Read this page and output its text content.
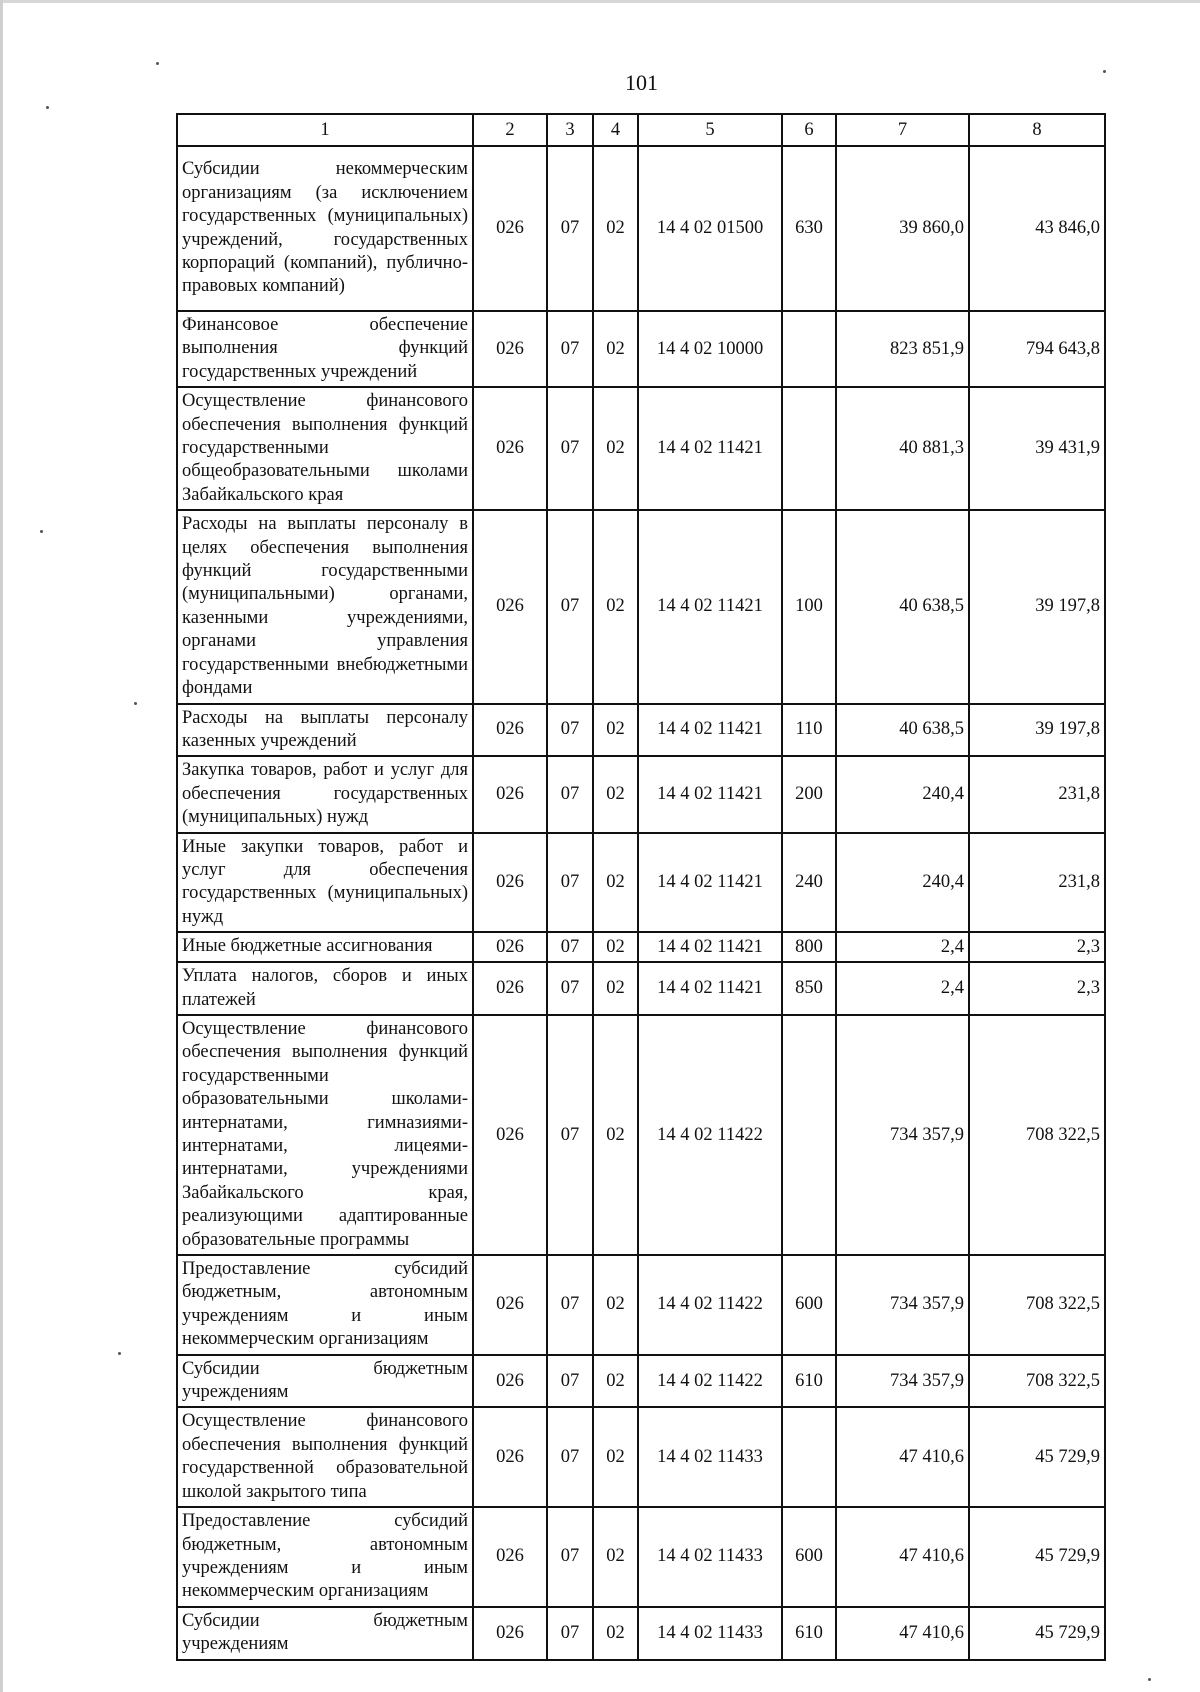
101
1	2	3	4	5	6	7	8
Субсидии некоммерческим организациям (за исключением государственных (муниципальных) учреждений, государственных корпораций (компаний), публично-правовых компаний)	026	07	02	14 4 02 01500	630	39 860,0	43 846,0
Финансовое обеспечение выполнения функций государственных учреждений	026	07	02	14 4 02 10000		823 851,9	794 643,8
Осуществление финансового обеспечения выполнения функций государственными общеобразовательными школами Забайкальского края	026	07	02	14 4 02 11421		40 881,3	39 431,9
Расходы на выплаты персоналу в целях обеспечения выполнения функций государственными (муниципальными) органами, казенными учреждениями, органами управления государственными внебюджетными фондами	026	07	02	14 4 02 11421	100	40 638,5	39 197,8
Расходы на выплаты персоналу казенных учреждений	026	07	02	14 4 02 11421	110	40 638,5	39 197,8
Закупка товаров, работ и услуг для обеспечения государственных (муниципальных) нужд	026	07	02	14 4 02 11421	200	240,4	231,8
Иные закупки товаров, работ и услуг для обеспечения государственных (муниципальных) нужд	026	07	02	14 4 02 11421	240	240,4	231,8
Иные бюджетные ассигнования	026	07	02	14 4 02 11421	800	2,4	2,3
Уплата налогов, сборов и иных платежей	026	07	02	14 4 02 11421	850	2,4	2,3
Осуществление финансового обеспечения выполнения функций государственными образовательными школами-интернатами, гимназиями-интернатами, лицеями-интернатами, учреждениями Забайкальского края, реализующими адаптированные образовательные программы	026	07	02	14 4 02 11422		734 357,9	708 322,5
Предоставление субсидий бюджетным, автономным учреждениям и иным некоммерческим организациям	026	07	02	14 4 02 11422	600	734 357,9	708 322,5
Субсидии бюджетным учреждениям	026	07	02	14 4 02 11422	610	734 357,9	708 322,5
Осуществление финансового обеспечения выполнения функций государственной образовательной школой закрытого типа	026	07	02	14 4 02 11433		47 410,6	45 729,9
Предоставление субсидий бюджетным, автономным учреждениям и иным некоммерческим организациям	026	07	02	14 4 02 11433	600	47 410,6	45 729,9
Субсидии бюджетным учреждениям	026	07	02	14 4 02 11433	610	47 410,6	45 729,9
